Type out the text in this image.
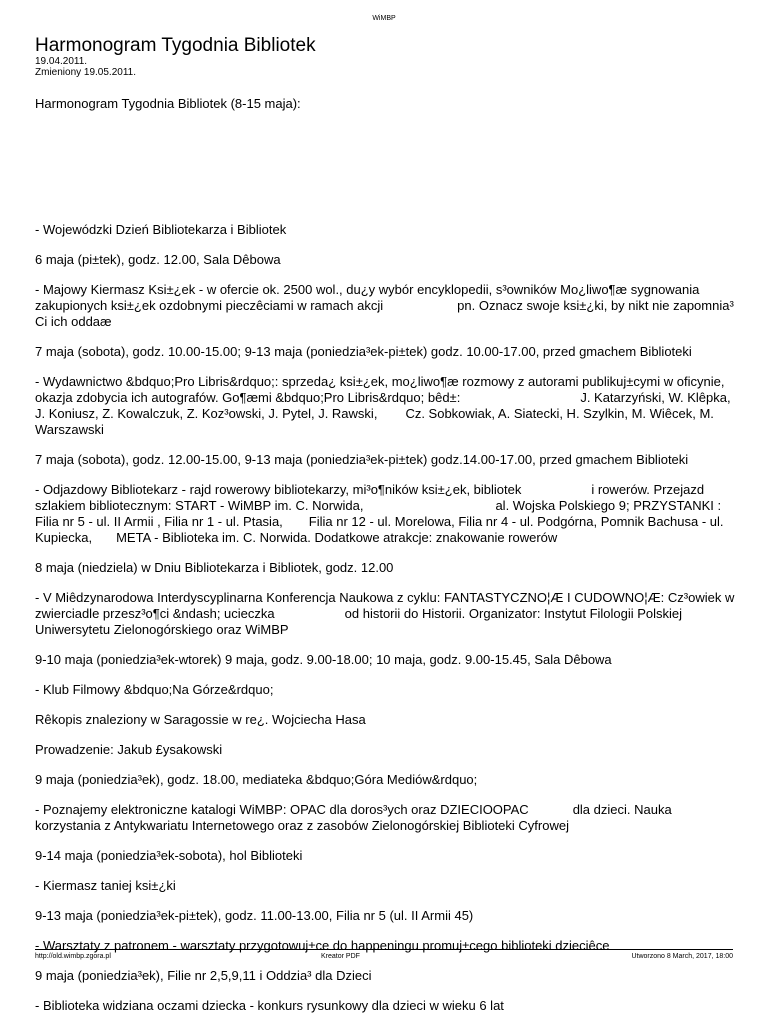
WiMBP
Harmonogram Tygodnia Bibliotek
19.04.2011.
Zmieniony 19.05.2011.

Harmonogram Tygodnia Bibliotek (8-15 maja):

- Wojewódzki Dzień Bibliotekarza i Bibliotek

6 maja (pi±tek), godz. 12.00, Sala Dêbowa

- Majowy Kiermasz Ksi±¿ek - w ofercie ok. 2500 wol., du¿y wybór encyklopedii, s³owników Mo¿liwo¶æ sygnowania zakupionych ksi±¿ek ozdobnymi pieczêciami w ramach akcji	pn. Oznacz swoje ksi±¿ki, by nikt nie zapomnia³ Ci ich oddaæ

7 maja (sobota), godz. 10.00-15.00; 9-13 maja (poniedzia³ek-pi±tek) godz. 10.00-17.00, przed gmachem Biblioteki

- Wydawnictwo &bdquo;Pro Libris&rdquo;: sprzeda¿ ksi±¿ek, mo¿liwo¶æ rozmowy z autorami publikuj±cymi w oficynie, okazja zdobycia ich autografów. Go¶æmi &bdquo;Pro Libris&rdquo; bêd±:	J. Katarzyński, W. Klêpka, J. Koniusz, Z. Kowalczuk, Z. Koz³owski, J. Pytel, J. Rawski, Cz. Sobkowiak, A. Siatecki, H. Szylkin, M. Wiêcek, M. Warszawski

7 maja (sobota), godz. 12.00-15.00, 9-13 maja (poniedzia³ek-pi±tek) godz.14.00-17.00, przed gmachem Biblioteki

- Odjazdowy Bibliotekarz - rajd rowerowy bibliotekarzy, mi³o¶ników ksi±¿ek, bibliotek	i rowerów. Przejazd szlakiem bibliotecznym: START - WiMBP im. C. Norwida,	al. Wojska Polskiego 9; PRZYSTANKI : Filia nr 5 - ul. II Armii , Filia nr 1 - ul. Ptasia, Filia nr 12 - ul. Morelowa, Filia nr 4 - ul. Podgórna, Pomnik Bachusa - ul. Kupiecka, META - Biblioteka im. C. Norwida. Dodatkowe atrakcje: znakowanie rowerów

8 maja (niedziela) w Dniu Bibliotekarza i Bibliotek, godz. 12.00

- V Miêdzynarodowa Interdyscyplinarna Konferencja Naukowa z cyklu: FANTASTYCZNO¦Æ I CUDOWNO¦Æ: Cz³owiek w zwierciadle przesz³o¶ci &ndash; ucieczka	od historii do Historii. Organizator: Instytut Filologii Polskiej Uniwersytetu Zielonogórskiego oraz WiMBP

9-10 maja (poniedzia³ek-wtorek) 9 maja, godz. 9.00-18.00; 10 maja, godz. 9.00-15.45, Sala Dêbowa

- Klub Filmowy &bdquo;Na Górze&rdquo;

Rêkopis znaleziony w Saragossie w re¿. Wojciecha Hasa

Prowadzenie: Jakub £ysakowski

9 maja (poniedzia³ek), godz. 18.00, mediateka &bdquo;Góra Mediów&rdquo;

- Poznajemy elektroniczne katalogi WiMBP: OPAC dla doros³ych oraz DZIECIOOPAC	dla dzieci. Nauka korzystania z Antykwariatu Internetowego oraz z zasobów Zielonogórskiej Biblioteki Cyfrowej

9-14 maja (poniedzia³ek-sobota), hol Biblioteki

- Kiermasz taniej ksi±¿ki

9-13 maja (poniedzia³ek-pi±tek), godz. 11.00-13.00, Filia nr 5 (ul. II Armii 45)

- Warsztaty z patronem - warsztaty przygotowuj±ce do happeningu promuj±cego biblioteki dzieciêce

9 maja (poniedzia³ek), Filie nr 2,5,9,11 i Oddzia³ dla Dzieci

- Biblioteka widziana oczami dziecka - konkurs rysunkowy dla dzieci w wieku 6 lat

http://old.wimbp.zgora.pl	Kreator PDF	Utworzono 8 March, 2017, 18:00
